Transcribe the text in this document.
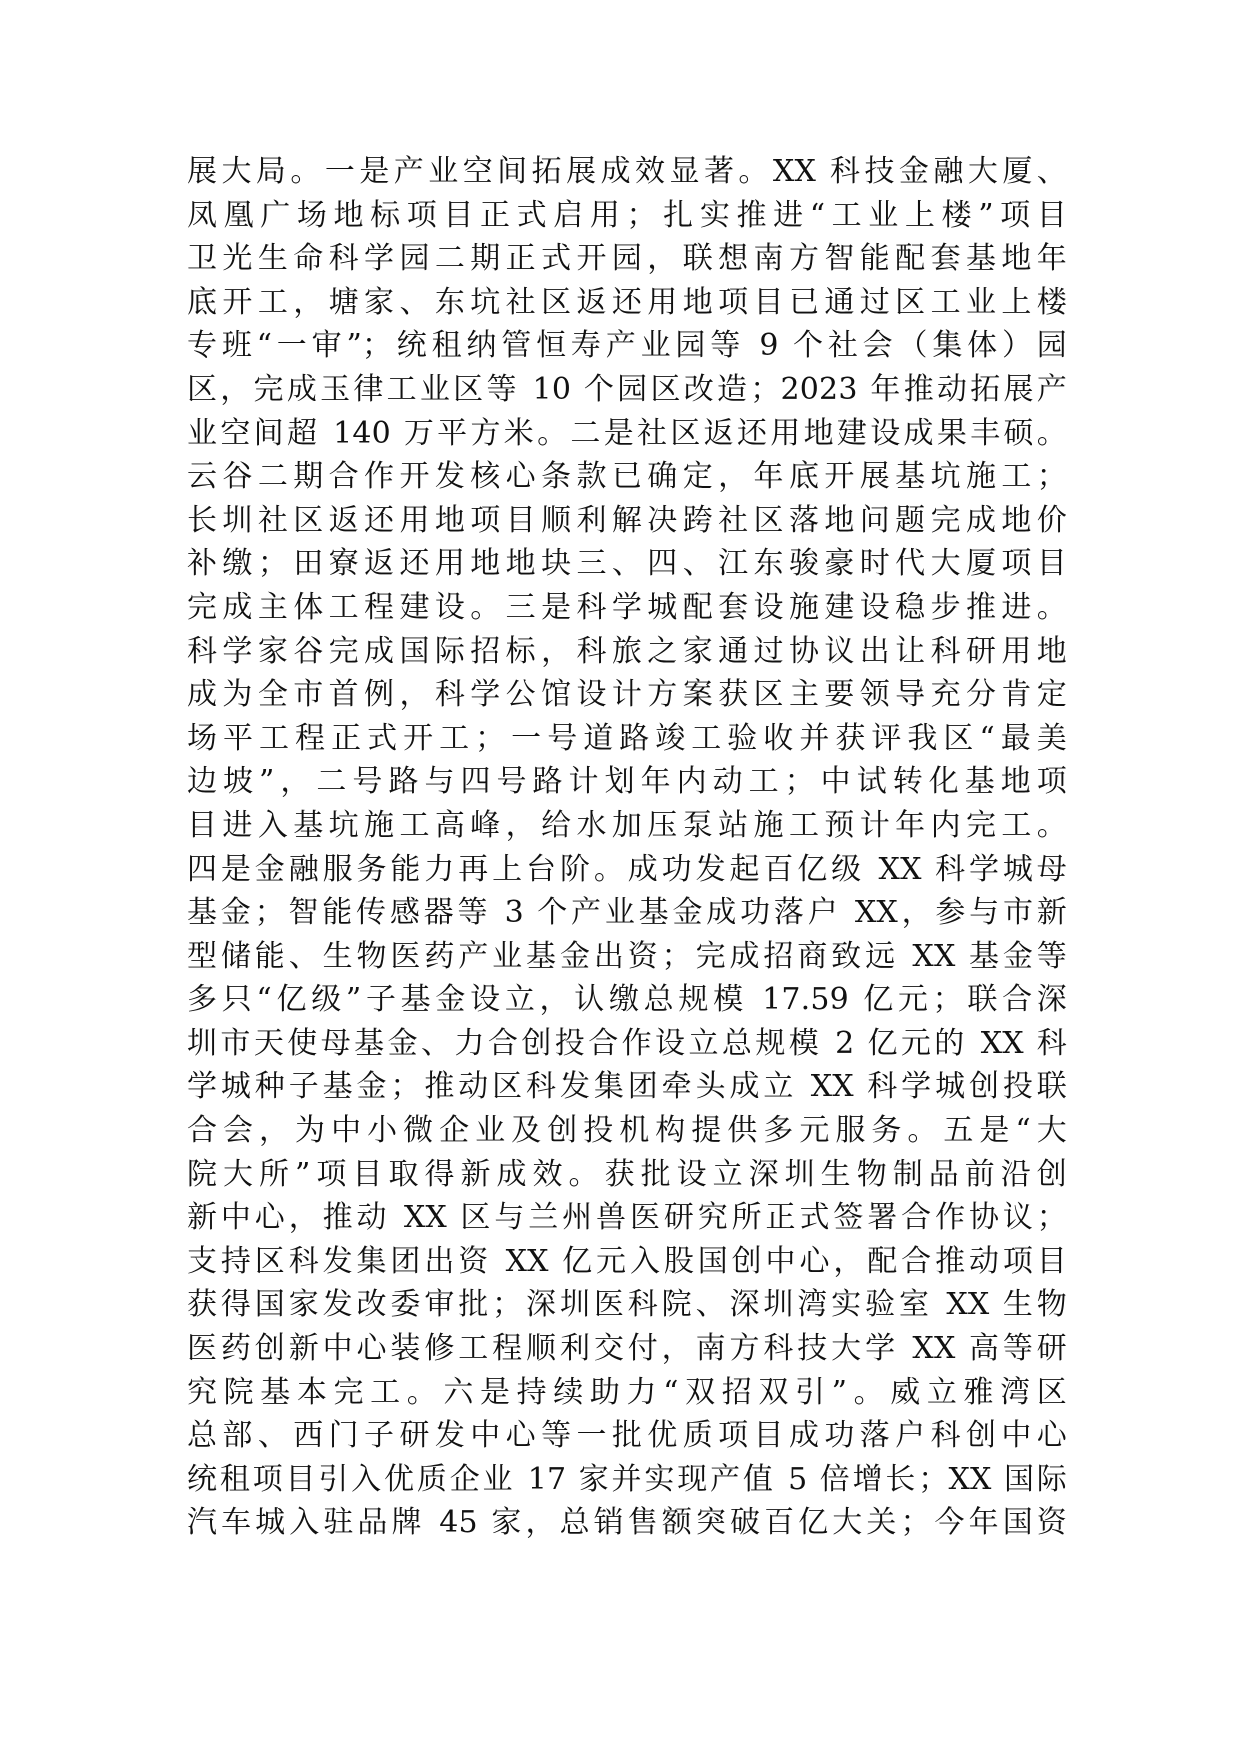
展大局。一是产业空间拓展成效显著。XX 科技金融大厦、
凤凰广场地标项目正式启用；扎实推进“工业上楼”项目
卫光生命科学园二期正式开园，联想南方智能配套基地年
底开工，塘家、东坑社区返还用地项目已通过区工业上楼
专班“一审”；统租纳管恒寿产业园等 9 个社会（集体）园
区，完成玉律工业区等 10 个园区改造；2023 年推动拓展产
业空间超 140 万平方米。二是社区返还用地建设成果丰硕。
云谷二期合作开发核心条款已确定，年底开展基坑施工；
长圳社区返还用地项目顺利解决跨社区落地问题完成地价
补缴；田寮返还用地地块三、四、江东骏豪时代大厦项目
完成主体工程建设。三是科学城配套设施建设稳步推进。
科学家谷完成国际招标，科旅之家通过协议出让科研用地
成为全市首例，科学公馆设计方案获区主要领导充分肯定
场平工程正式开工；一号道路竣工验收并获评我区“最美
边坡”，二号路与四号路计划年内动工；中试转化基地项
目进入基坑施工高峰，给水加压泵站施工预计年内完工。
四是金融服务能力再上台阶。成功发起百亿级 XX 科学城母
基金；智能传感器等 3 个产业基金成功落户 XX，参与市新
型储能、生物医药产业基金出资；完成招商致远 XX 基金等
多只“亿级”子基金设立，认缴总规模 17.59 亿元；联合深
圳市天使母基金、力合创投合作设立总规模 2 亿元的 XX 科
学城种子基金；推动区科发集团牵头成立 XX 科学城创投联
合会，为中小微企业及创投机构提供多元服务。五是“大
院大所”项目取得新成效。获批设立深圳生物制品前沿创
新中心，推动 XX 区与兰州兽医研究所正式签署合作协议；
支持区科发集团出资 XX 亿元入股国创中心，配合推动项目
获得国家发改委审批；深圳医科院、深圳湾实验室 XX 生物
医药创新中心装修工程顺利交付，南方科技大学 XX 高等研
究院基本完工。六是持续助力“双招双引”。威立雅湾区
总部、西门子研发中心等一批优质项目成功落户科创中心
统租项目引入优质企业 17 家并实现产值 5 倍增长；XX 国际
汽车城入驻品牌 45 家，总销售额突破百亿大关；今年国资
